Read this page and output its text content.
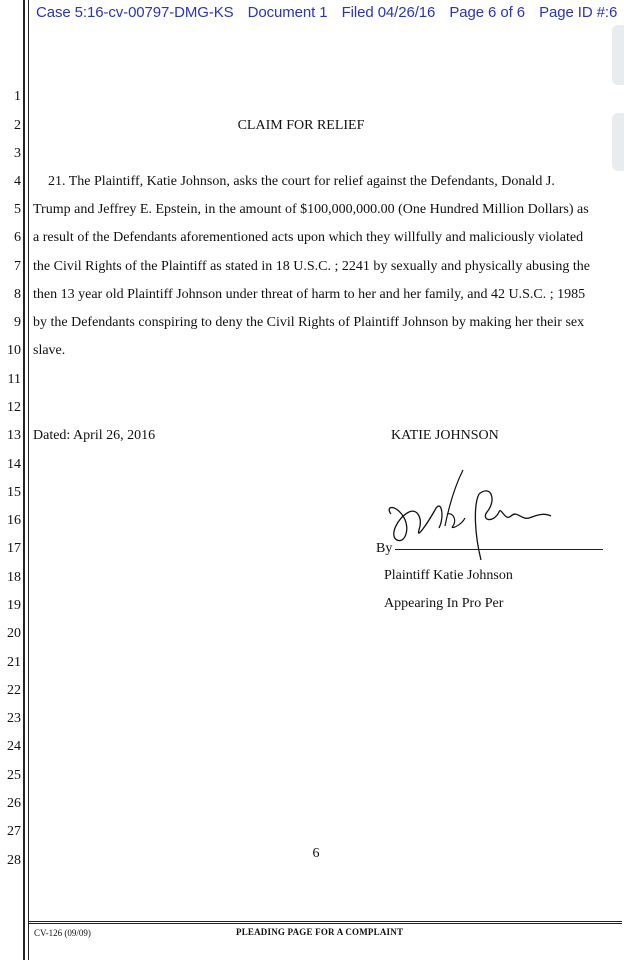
Case 5:16-cv-00797-DMG-KS Document 1 Filed 04/26/16 Page 6 of 6 Page ID #:6
1
2
3
4
5
6
7
8
9
10
11
12
13
14
15
16
17
18
19
20
21
22
23
24
25
26
27
28
CLAIM FOR RELIEF
21. The Plaintiff, Katie Johnson, asks the court for relief against the Defendants, Donald J.
Trump and Jeffrey E. Epstein, in the amount of $100,000,000.00 (One Hundred Million Dollars) as
a result of the Defendants aforementioned acts upon which they willfully and maliciously violated
the Civil Rights of the Plaintiff as stated in 18 U.S.C. ; 2241 by sexually and physically abusing the
then 13 year old Plaintiff Johnson under threat of harm to her and her family, and 42 U.S.C. ; 1985
by the Defendants conspiring to deny the Civil Rights of Plaintiff Johnson by making her their sex
slave.
Dated: April 26, 2016	KATIE JOHNSON
By
Plaintiff Katie Johnson
Appearing In Pro Per
6
CV-126 (09/09)	PLEADING PAGE FOR A COMPLAINT
